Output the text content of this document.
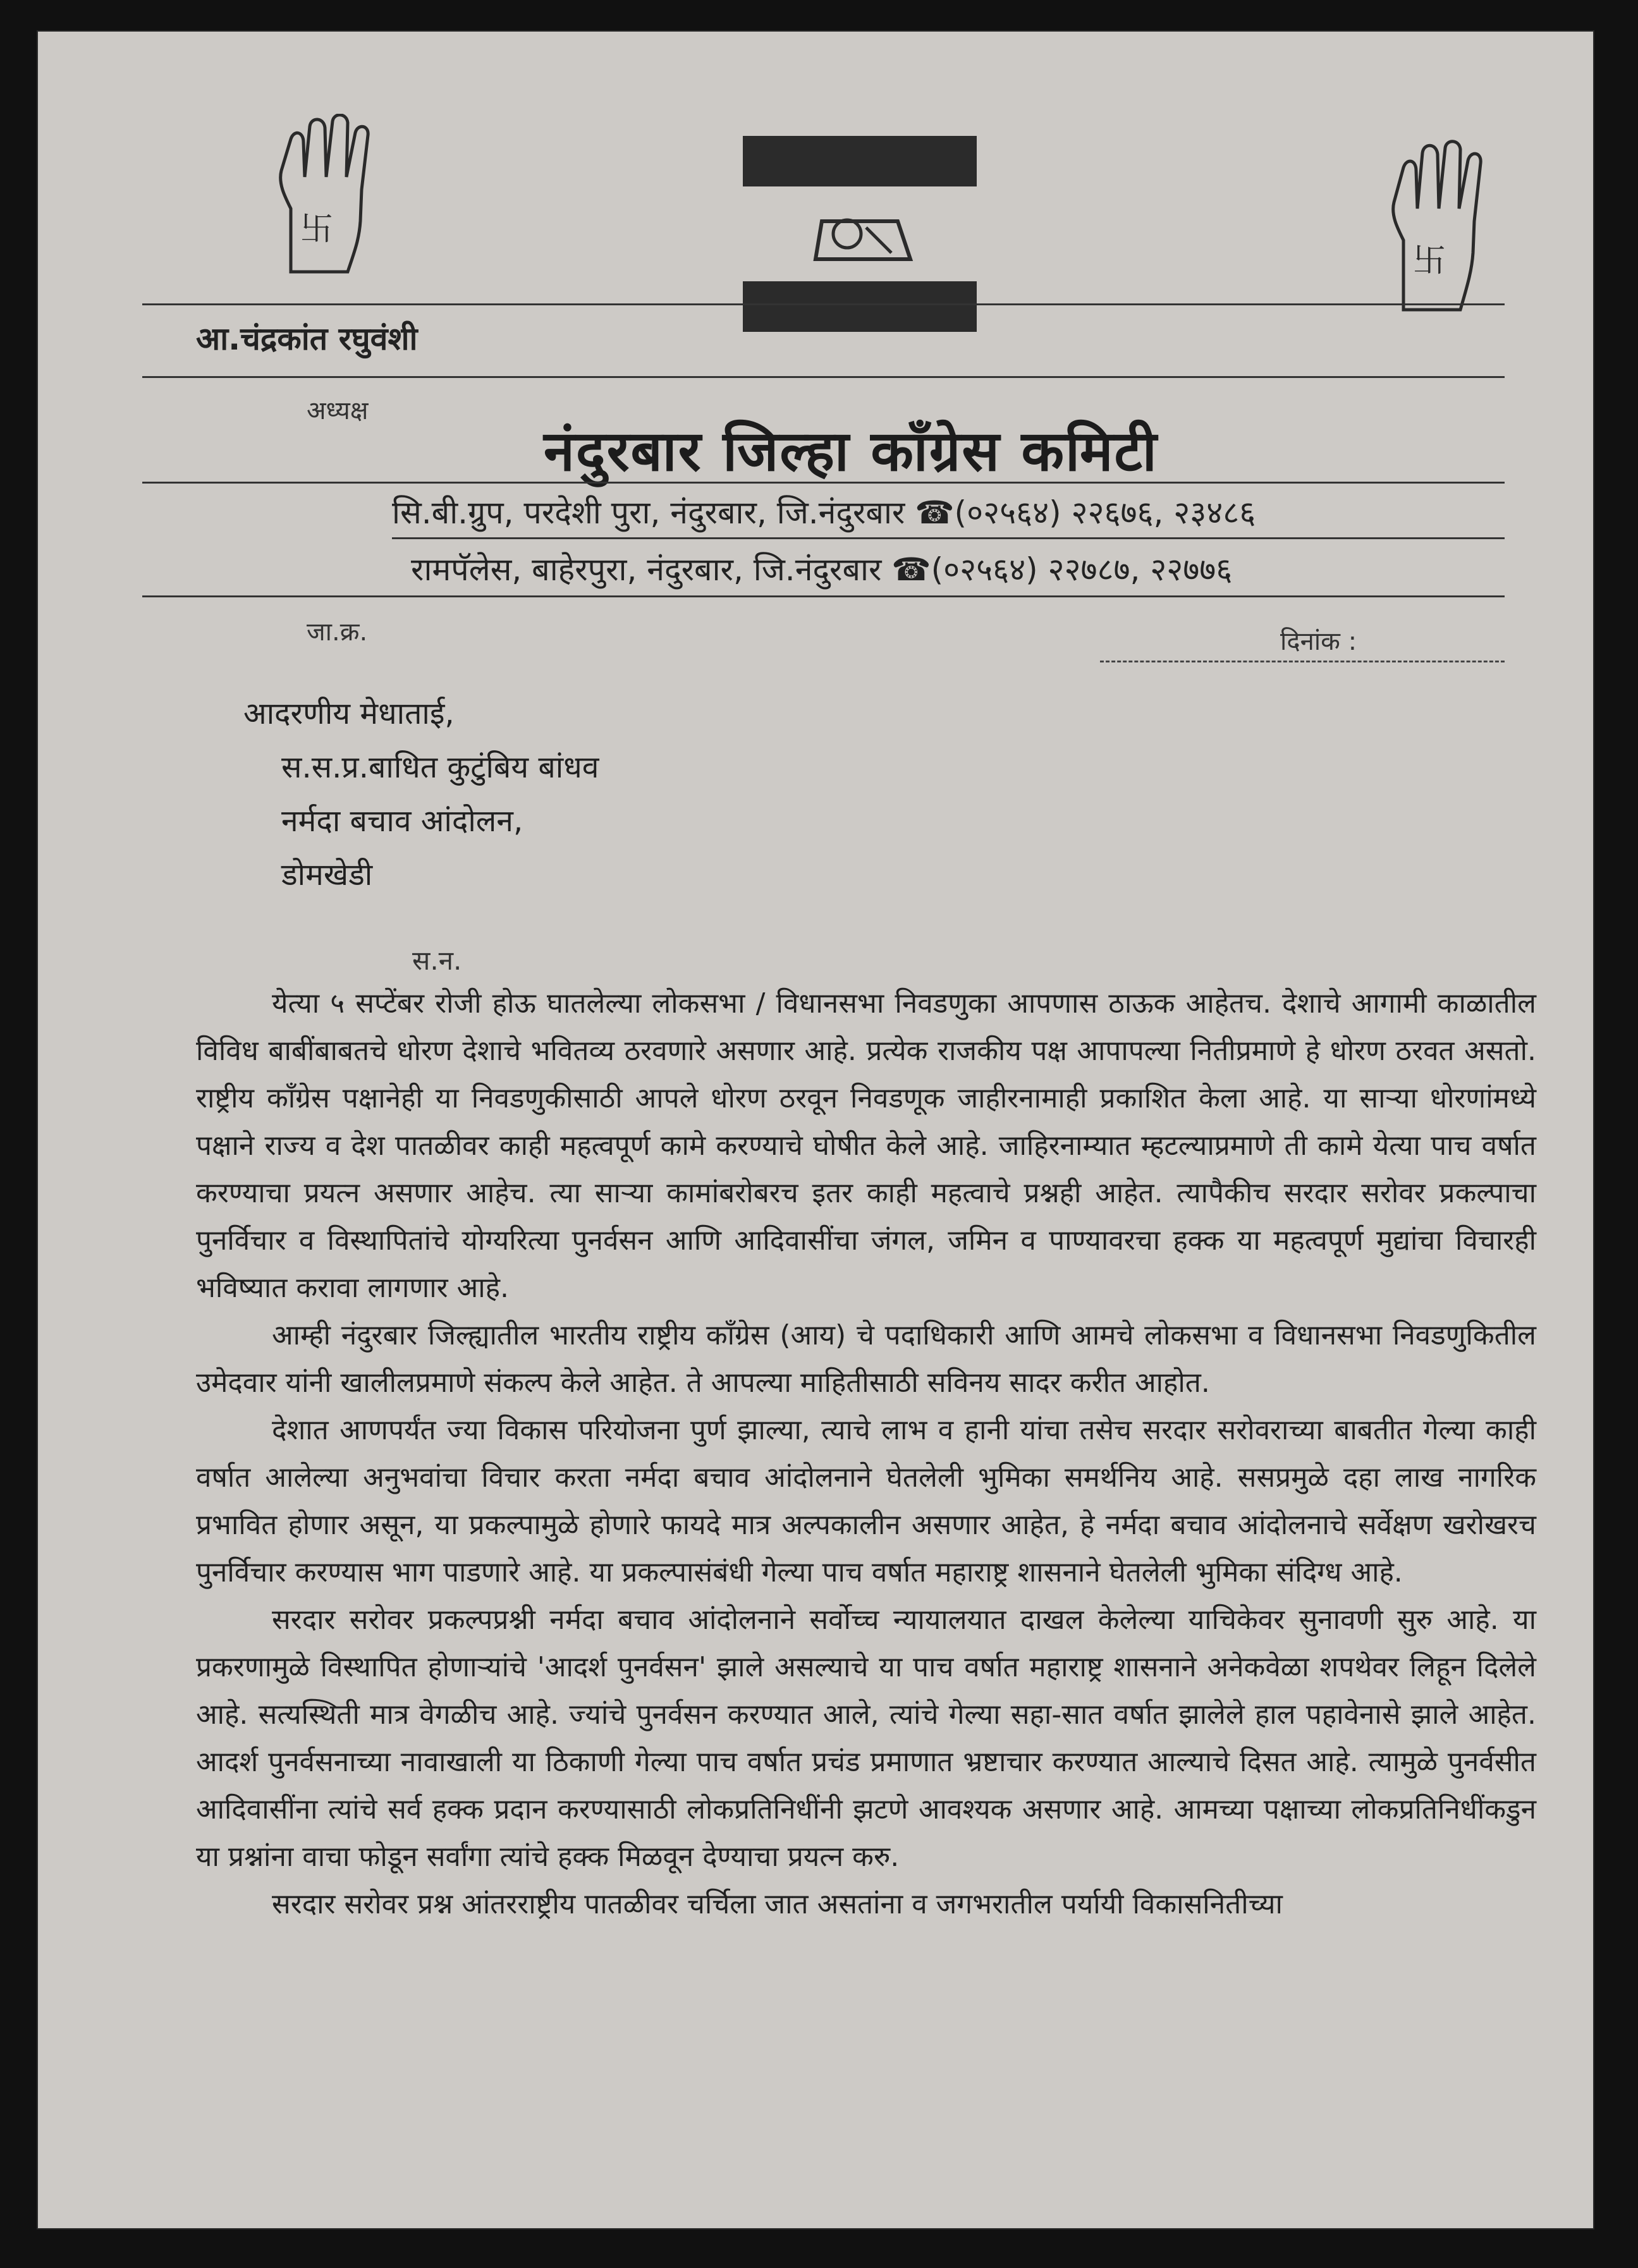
卐
卐
आ.चंद्रकांत रघुवंशी
अध्यक्ष
नंदुरबार जिल्हा कॉंग्रेस कमिटी
सि.बी.ग्रुप, परदेशी पुरा, नंदुरबार, जि.नंदुरबार ☎(०२५६४) २२६७६, २३४८६
रामपॅलेस, बाहेरपुरा, नंदुरबार, जि.नंदुरबार ☎(०२५६४) २२७८७, २२७७६
जा.क्र.	दिनांक :
आदरणीय मेधाताई,
स.स.प्र.बाधित कुटुंबिय बांधव
नर्मदा बचाव आंदोलन,
डोमखेडी
स.न.

येत्या ५ सप्टेंबर रोजी होऊ घातलेल्या लोकसभा / विधानसभा निवडणुका आपणास ठाऊक आहेतच. देशाचे आगामी काळातील विविध बाबींबाबतचे धोरण देशाचे भवितव्य ठरवणारे असणार आहे. प्रत्येक राजकीय पक्ष आपापल्या नितीप्रमाणे हे धोरण ठरवत असतो. राष्ट्रीय कॉंग्रेस पक्षानेही या निवडणुकीसाठी आपले धोरण ठरवून निवडणूक जाहीरनामाही प्रकाशित केला आहे. या सार्‍या धोरणांमध्ये पक्षाने राज्य व देश पातळीवर काही महत्वपूर्ण कामे करण्याचे घोषीत केले आहे. जाहिरनाम्यात म्हटल्याप्रमाणे ती कामे येत्या पाच वर्षात करण्याचा प्रयत्न असणार आहेच. त्या सार्‍या कामांबरोबरच इतर काही महत्वाचे प्रश्नही आहेत. त्यापैकीच सरदार सरोवर प्रकल्पाचा पुनर्विचार व विस्थापितांचे योग्यरित्या पुनर्वसन आणि आदिवासींचा जंगल, जमिन व पाण्यावरचा हक्क या महत्वपूर्ण मुद्यांचा विचारही भविष्यात करावा लागणार आहे.

आम्ही नंदुरबार जिल्ह्यातील भारतीय राष्ट्रीय कॉंग्रेस (आय) चे पदाधिकारी आणि आमचे लोकसभा व विधानसभा निवडणुकितील उमेदवार यांनी खालीलप्रमाणे संकल्प केले आहेत. ते आपल्या माहितीसाठी सविनय सादर करीत आहोत.

देशात आणपर्यंत ज्या विकास परियोजना पुर्ण झाल्या, त्याचे लाभ व हानी यांचा तसेच सरदार सरोवराच्या बाबतीत गेल्या काही वर्षात आलेल्या अनुभवांचा विचार करता नर्मदा बचाव आंदोलनाने घेतलेली भुमिका समर्थनिय आहे. ससप्रमुळे दहा लाख नागरिक प्रभावित होणार असून, या प्रकल्पामुळे होणारे फायदे मात्र अल्पकालीन असणार आहेत, हे नर्मदा बचाव आंदोलनाचे सर्वेक्षण खरोखरच पुनर्विचार करण्यास भाग पाडणारे आहे. या प्रकल्पासंबंधी गेल्या पाच वर्षात महाराष्ट्र शासनाने घेतलेली भुमिका संदिग्ध आहे.

सरदार सरोवर प्रकल्पप्रश्नी नर्मदा बचाव आंदोलनाने सर्वोच्च न्यायालयात दाखल केलेल्या याचिकेवर सुनावणी सुरु आहे. या प्रकरणामुळे विस्थापित होणार्‍यांचे 'आदर्श पुनर्वसन' झाले असल्याचे या पाच वर्षात महाराष्ट्र शासनाने अनेकवेळा शपथेवर लिहून दिलेले आहे. सत्यस्थिती मात्र वेगळीच आहे. ज्यांचे पुनर्वसन करण्यात आले, त्यांचे गेल्या सहा-सात वर्षात झालेले हाल पहावेनासे झाले आहेत. आदर्श पुनर्वसनाच्या नावाखाली या ठिकाणी गेल्या पाच वर्षात प्रचंड प्रमाणात भ्रष्टाचार करण्यात आल्याचे दिसत आहे. त्यामुळे पुनर्वसीत आदिवासींना त्यांचे सर्व हक्क प्रदान करण्यासाठी लोकप्रतिनिधींनी झटणे आवश्यक असणार आहे. आमच्या पक्षाच्या लोकप्रतिनिधींकडुन या प्रश्नांना वाचा फोडून सर्वांगा त्यांचे हक्क मिळवून देण्याचा प्रयत्न करु.

सरदार सरोवर प्रश्न आंतरराष्ट्रीय पातळीवर चर्चिला जात असतांना व जगभरातील पर्यायी विकासनितीच्या
